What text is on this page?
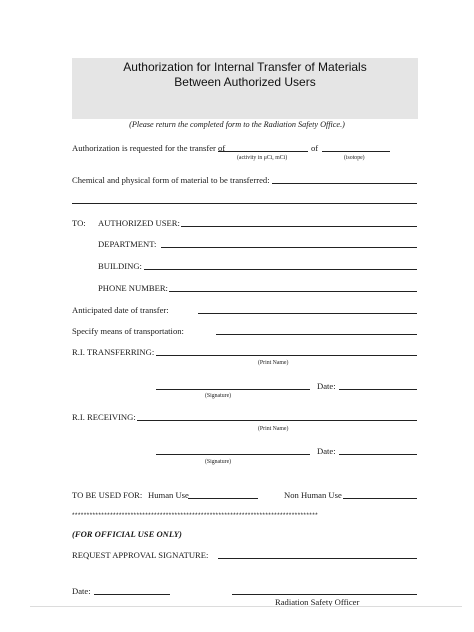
Authorization for Internal Transfer of Materials
Between Authorized Users
(Please return the completed form to the Radiation Safety Office.)
Authorization is requested for the transfer of	of
(activity in μCi, mCi)	(isotope)
Chemical and physical form of material to be transferred:
TO: AUTHORIZED USER:
DEPARTMENT:
BUILDING:
PHONE NUMBER:
Anticipated date of transfer:
Specify means of transportation:
R.I. TRANSFERRING:
(Print Name)
Date:
(Signature)
R.I. RECEIVING:
(Print Name)
Date:
(Signature)
TO BE USED FOR: Human Use	Non Human Use
************************************************************************************
(FOR OFFICIAL USE ONLY)
REQUEST APPROVAL SIGNATURE:
Date:
Radiation Safety Officer
